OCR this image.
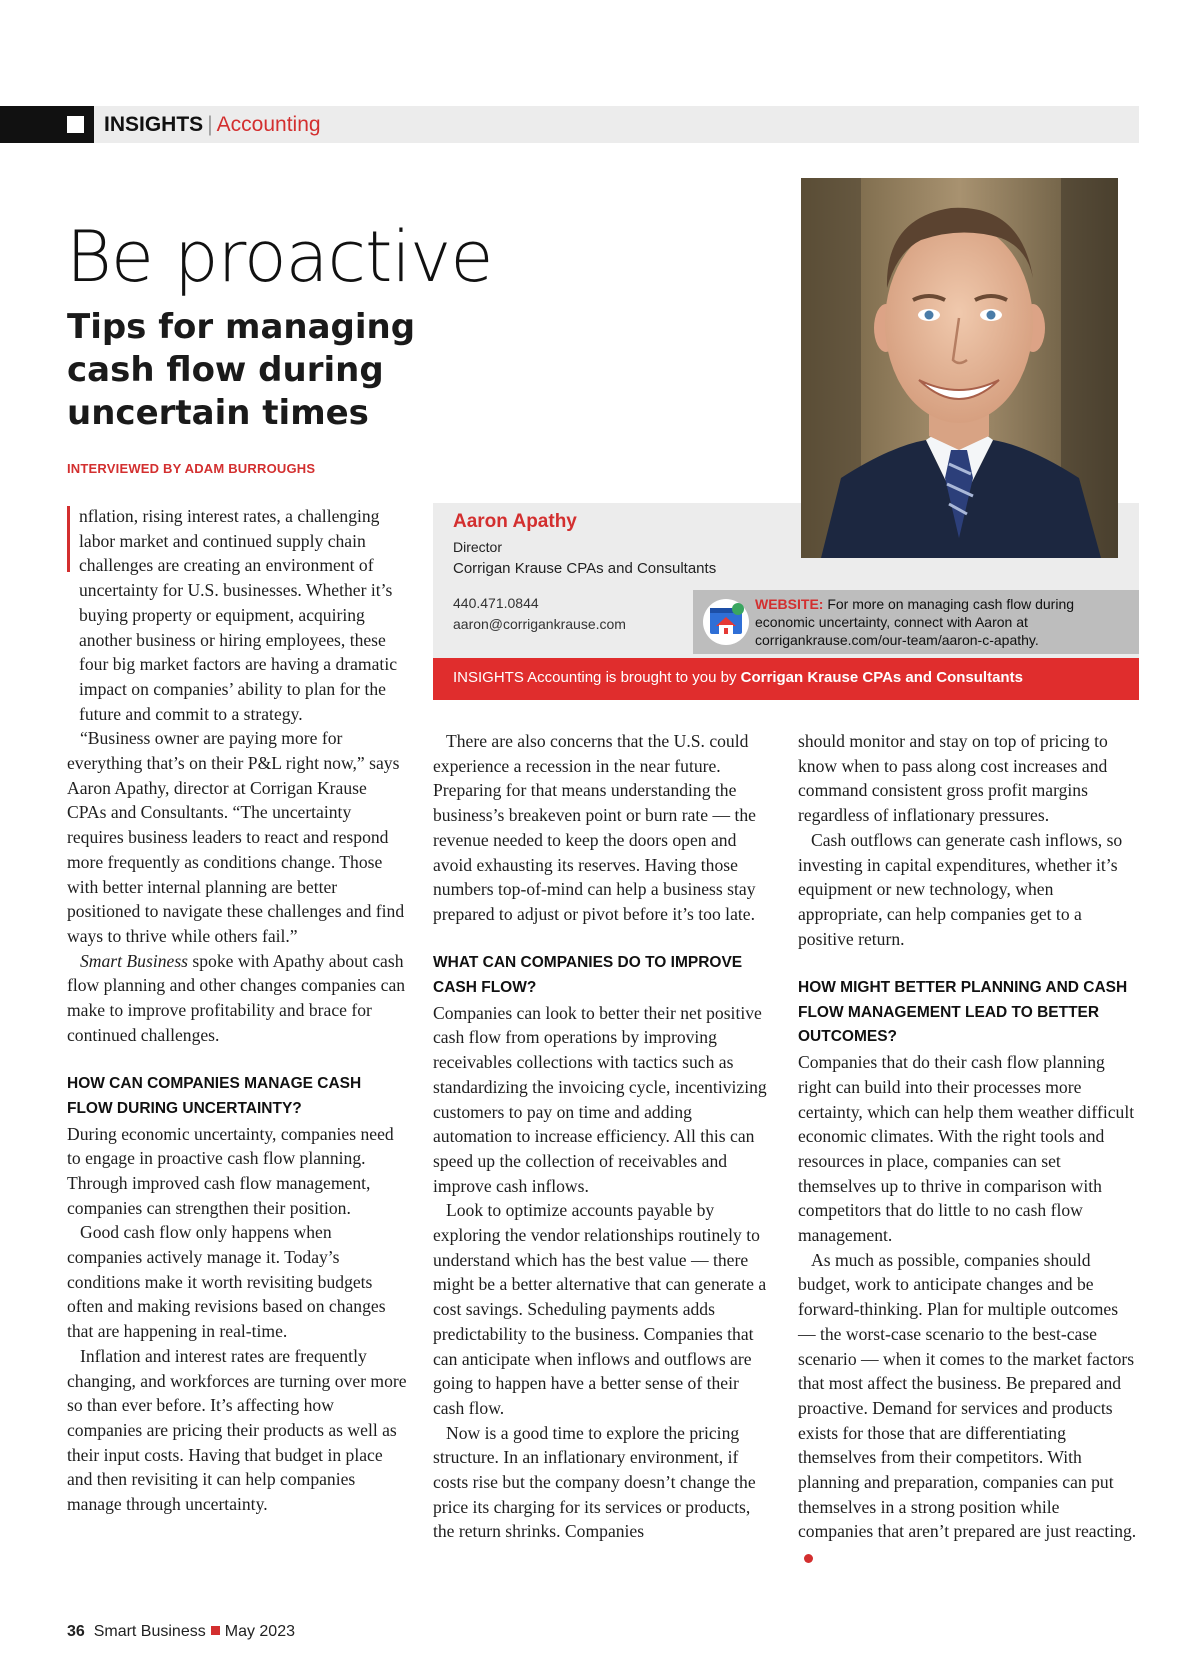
INSIGHTS | Accounting
Be proactive
Tips for managing cash flow during uncertain times
INTERVIEWED BY ADAM BURROUGHS
Aaron Apathy
Director
Corrigan Krause CPAs and Consultants
440.471.0844
aaron@corrigankrause.com
WEBSITE: For more on managing cash flow during economic uncertainty, connect with Aaron at corrigankrause.com/our-team/aaron-c-apathy.
INSIGHTS Accounting is brought to you by Corrigan Krause CPAs and Consultants

nflation, rising interest rates, a challenging labor market and continued supply chain challenges are creating an environment of uncertainty for U.S. businesses. Whether it’s buying property or equipment, acquiring another business or hiring employees, these four big market factors are having a dramatic impact on companies’ ability to plan for the future and commit to a strategy.

“Business owner are paying more for everything that’s on their P&L right now,” says Aaron Apathy, director at Corrigan Krause CPAs and Consultants. “The uncertainty requires business leaders to react and respond more frequently as conditions change. Those with better internal planning are better positioned to navigate these challenges and find ways to thrive while others fail.”

Smart Business spoke with Apathy about cash flow planning and other changes companies can make to improve profitability and brace for continued challenges.

HOW CAN COMPANIES MANAGE CASH FLOW DURING UNCERTAINTY?

During economic uncertainty, companies need to engage in proactive cash flow planning. Through improved cash flow management, companies can strengthen their position.

Good cash flow only happens when companies actively manage it. Today’s conditions make it worth revisiting budgets often and making revisions based on changes that are happening in real-time.

Inflation and interest rates are frequently changing, and workforces are turning over more so than ever before. It’s affecting how companies are pricing their products as well as their input costs. Having that budget in place and then revisiting it can help companies manage through uncertainty.

There are also concerns that the U.S. could experience a recession in the near future. Preparing for that means understanding the business’s breakeven point or burn rate — the revenue needed to keep the doors open and avoid exhausting its reserves. Having those numbers top-of-mind can help a business stay prepared to adjust or pivot before it’s too late.

WHAT CAN COMPANIES DO TO IMPROVE CASH FLOW?

Companies can look to better their net positive cash flow from operations by improving receivables collections with tactics such as standardizing the invoicing cycle, incentivizing customers to pay on time and adding automation to increase efficiency. All this can speed up the collection of receivables and improve cash inflows.

Look to optimize accounts payable by exploring the vendor relationships routinely to understand which has the best value — there might be a better alternative that can generate a cost savings. Scheduling payments adds predictability to the business. Companies that can anticipate when inflows and outflows are going to happen have a better sense of their cash flow.

Now is a good time to explore the pricing structure. In an inflationary environment, if costs rise but the company doesn’t change the price its charging for its services or products, the return shrinks. Companies

should monitor and stay on top of pricing to know when to pass along cost increases and command consistent gross profit margins regardless of inflationary pressures.

Cash outflows can generate cash inflows, so investing in capital expenditures, whether it’s equipment or new technology, when appropriate, can help companies get to a positive return.

HOW MIGHT BETTER PLANNING AND CASH FLOW MANAGEMENT LEAD TO BETTER OUTCOMES?

Companies that do their cash flow planning right can build into their processes more certainty, which can help them weather difficult economic climates. With the right tools and resources in place, companies can set themselves up to thrive in comparison with competitors that do little to no cash flow management.

As much as possible, companies should budget, work to anticipate changes and be forward-thinking. Plan for multiple outcomes — the worst-case scenario to the best-case scenario — when it comes to the market factors that most affect the business. Be prepared and proactive. Demand for services and products exists for those that are differentiating themselves from their competitors. With planning and preparation, companies can put themselves in a strong position while companies that aren’t prepared are just reacting.

36 Smart Business May 2023
